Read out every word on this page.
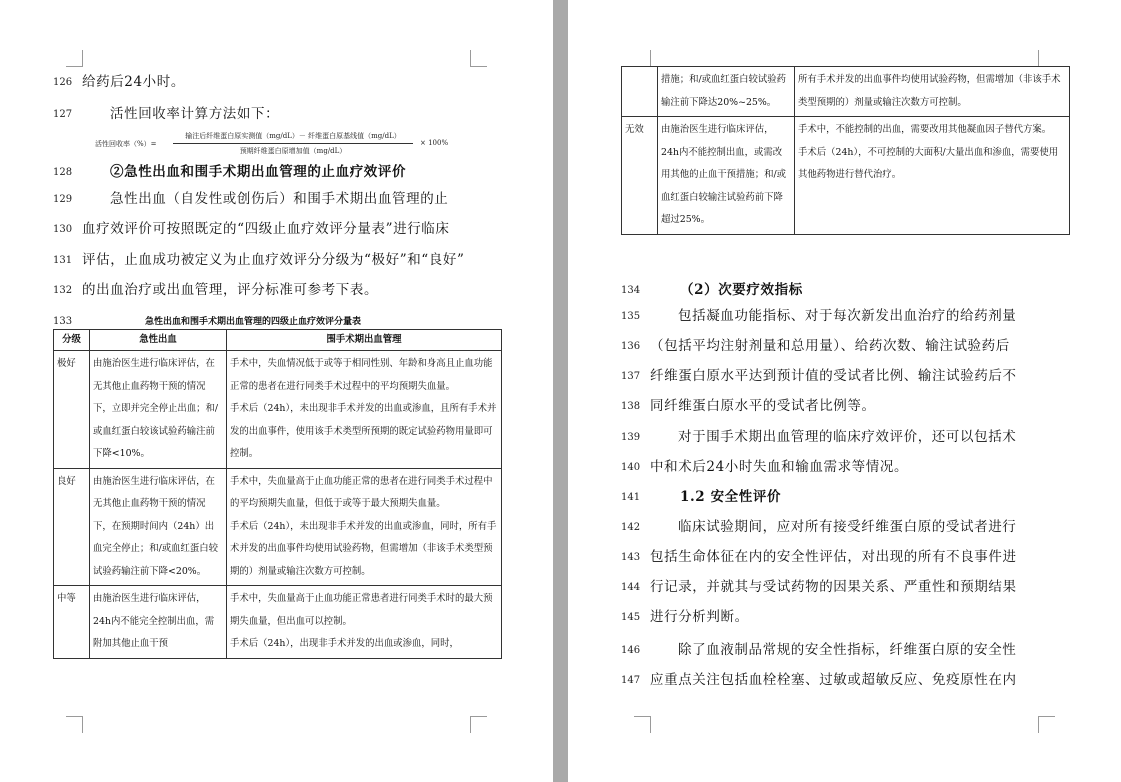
126 给药后24小时。
127	活性回收率计算方法如下：
128	②急性出血和围手术期出血管理的止血疗效评价
129	急性出血（自发性或创伤后）和围手术期出血管理的止
130 血疗效评价可按照既定的“四级止血疗效评分量表”进行临床
131 评估，止血成功被定义为止血疗效评分分级为“极好”和“良好”
132 的出血治疗或出血管理，评分标准可参考下表。
活性回收率（%）=
输注后纤维蛋白原实测值（mg/dL）－ 纤维蛋白原基线值（mg/dL）
预期纤维蛋白原增加值（mg/dL）
× 100%
133	急性出血和围手术期出血管理的四级止血疗效评分量表
分级	急性出血	围手术期出血管理
极好	由施治医生进行临床评估，在无其他止血药物干预的情况下，立即并完全停止出血；和/或血红蛋白较该试验药输注前下降<10%。	手术中，失血情况低于或等于相同性别、年龄和身高且止血功能正常的患者在进行同类手术过程中的平均预期失血量。
手术后（24h），未出现非手术并发的出血或渗血，且所有手术并发的出血事件，使用该手术类型所预期的既定试验药物用量即可控制。

良好	由施治医生进行临床评估，在无其他止血药物干预的情况下，在预期时间内（24h）出血完全停止；和/或血红蛋白较试验药输注前下降<20%。	手术中，失血量高于止血功能正常的患者在进行同类手术过程中的平均预期失血量，但低于或等于最大预期失血量。
手术后（24h），未出现非手术并发的出血或渗血，同时，所有手术并发的出血事件均使用试验药物，但需增加（非该手术类型预期的）剂量或输注次数方可控制。

中等	由施治医生进行临床评估，24h内不能完全控制出血，需附加其他止血干预	手术中，失血量高于止血功能正常患者进行同类手术时的最大预期失血量，但出血可以控制。
手术后（24h），出现非手术并发的出血或渗血，同时，
	措施；和/或血红蛋白较试验药输注前下降达20%~25%。	所有手术并发的出血事件均使用试验药物，但需增加（非该手术类型预期的）剂量或输注次数方可控制。

无效	由施治医生进行临床评估，24h内不能控制出血，或需改用其他的止血干预措施；和/或血红蛋白较输注试验药前下降超过25%。	手术中，不能控制的出血，需要改用其他凝血因子替代方案。
手术后（24h），不可控制的大面积/大量出血和渗血，需要使用其他药物进行替代治疗。
134	（2）次要疗效指标
135	包括凝血功能指标、对于每次新发出血治疗的给药剂量
136 （包括平均注射剂量和总用量）、给药次数、输注试验药后
137 纤维蛋白原水平达到预计值的受试者比例、输注试验药后不
138 同纤维蛋白原水平的受试者比例等。
139	对于围手术期出血管理的临床疗效评价，还可以包括术
140 中和术后24小时失血和输血需求等情况。
141	1.2 安全性评价
142	临床试验期间，应对所有接受纤维蛋白原的受试者进行
143 包括生命体征在内的安全性评估，对出现的所有不良事件进
144 行记录，并就其与受试药物的因果关系、严重性和预期结果
145 进行分析判断。
146	除了血液制品常规的安全性指标，纤维蛋白原的安全性
147 应重点关注包括血栓栓塞、过敏或超敏反应、免疫原性在内
